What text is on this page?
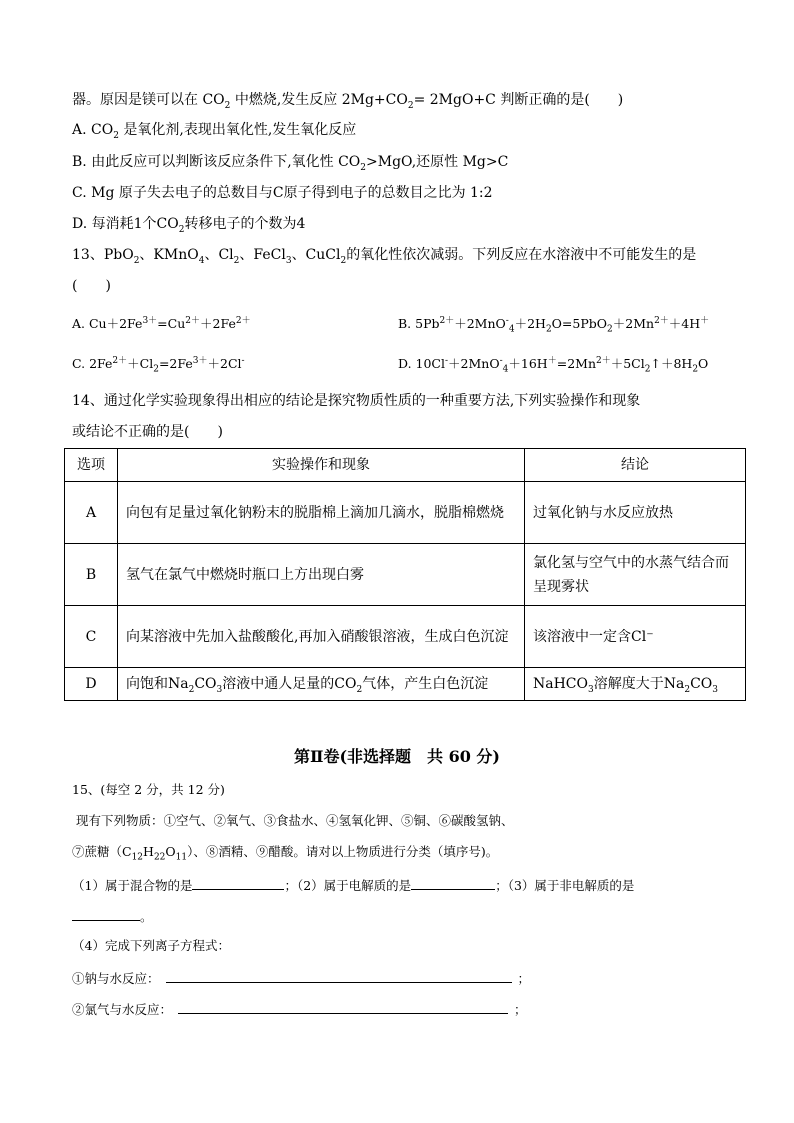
器。原因是镁可以在 $CO_2$ 中燃烧,发生反应 $2Mg+CO_2= 2MgO+C$ 判断正确的是(　　)
A. $CO_2$ 是氧化剂,表现出氧化性,发生氧化反应
B. 由此反应可以判断该反应条件下,氧化性 $CO_2>MgO$,还原性 Mg>C
C. Mg 原子失去电子的总数目与C原子得到电子的总数目之比为 1:2
D. 每消耗1个$CO_2$转移电子的个数为4
13、PbO$_2$、KMnO$_4$、$Cl_2$、FeCl$_3$、CuCl$_2$的氧化性依次减弱。下列反应在水溶液中不可能发生的是
(　　)
A. $Cu+2Fe^{3+}=Cu^{2+}+2Fe^{2+}$	B. $5Pb^{2+}+2MnO^-_4+2H_2O=5PbO_2+2Mn^{2+}+4H^+$
C. $2Fe^{2+}+Cl_2=2Fe^{3+}+2Cl^-$	D. $10Cl^-+2MnO^-_4+16H^+=2Mn^{2+}+5Cl_2↑+8H_2O$
14、通过化学实验现象得出相应的结论是探究物质性质的一种重要方法,下列实验操作和现象
或结论不正确的是(　　)
选项	实验操作和现象	结论
A	向包有足量过氧化钠粉末的脱脂棉上滴加几滴水，脱脂棉燃烧	过氧化钠与水反应放热
B	氢气在氯气中燃烧时瓶口上方出现白雾	氯化氢与空气中的水蒸气结合而呈现雾状
C	向某溶液中先加入盐酸酸化,再加入硝酸银溶液，生成白色沉淀	该溶液中一定含Cl⁻
D	向饱和$Na_2CO_3$溶液中通人足量的$CO_2$气体，产生白色沉淀	NaHCO$_3$溶解度大于$Na_2CO_3$
第Ⅱ卷(非选择题　共 60 分)
15、(每空 2 分，共 12 分)
现有下列物质：①空气、②氧气、③食盐水、④氢氧化钾、⑤铜、⑥碳酸氢钠、
⑦蔗糖$(C_{12}H_{22}O_{11})$、⑧酒精、⑨醋酸。请对以上物质进行分类（填序号)。
（1）属于混合物的是	；（2）属于电解质的是	；（3）属于非电解质的是
。
（4）完成下列离子方程式：
①钠与水反应：	；
②氯气与水反应：	；
